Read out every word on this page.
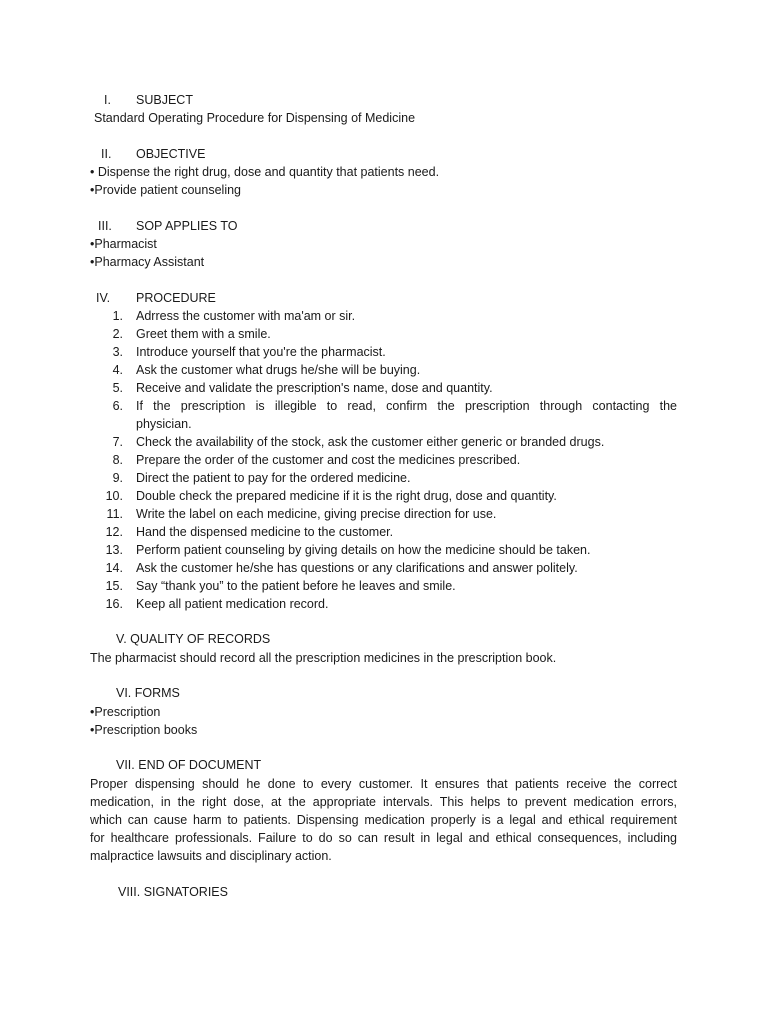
I. SUBJECT
Standard Operating Procedure for Dispensing of Medicine
II. OBJECTIVE
• Dispense the right drug, dose and quantity that patients need.
•Provide patient counseling
III. SOP APPLIES TO
•Pharmacist
•Pharmacy Assistant
IV. PROCEDURE
1. Adrress the customer with ma'am or sir.
2. Greet them with a smile.
3. Introduce yourself that you're the pharmacist.
4. Ask the customer what drugs he/she will be buying.
5. Receive and validate the prescription's name, dose and quantity.
6. If the prescription is illegible to read, confirm the prescription through contacting the
physician.
7. Check the availability of the stock, ask the customer either generic or branded drugs.
8. Prepare the order of the customer and cost the medicines prescribed.
9. Direct the patient to pay for the ordered medicine.
10. Double check the prepared medicine if it is the right drug, dose and quantity.
11. Write the label on each medicine, giving precise direction for use.
12. Hand the dispensed medicine to the customer.
13. Perform patient counseling by giving details on how the medicine should be taken.
14. Ask the customer he/she has questions or any clarifications and answer politely.
15. Say “thank you” to the patient before he leaves and smile.
16. Keep all patient medication record.
V. QUALITY OF RECORDS
The pharmacist should record all the prescription medicines in the prescription book.
VI. FORMS
•Prescription
•Prescription books
VII. END OF DOCUMENT

Proper dispensing should he done to every customer. It ensures that patients receive the correct

medication, in the right dose, at the appropriate intervals. This helps to prevent medication errors,

which can cause harm to patients. Dispensing medication properly is a legal and ethical requirement

for healthcare professionals. Failure to do so can result in legal and ethical consequences, including

malpractice lawsuits and disciplinary action.

VIII. SIGNATORIES
